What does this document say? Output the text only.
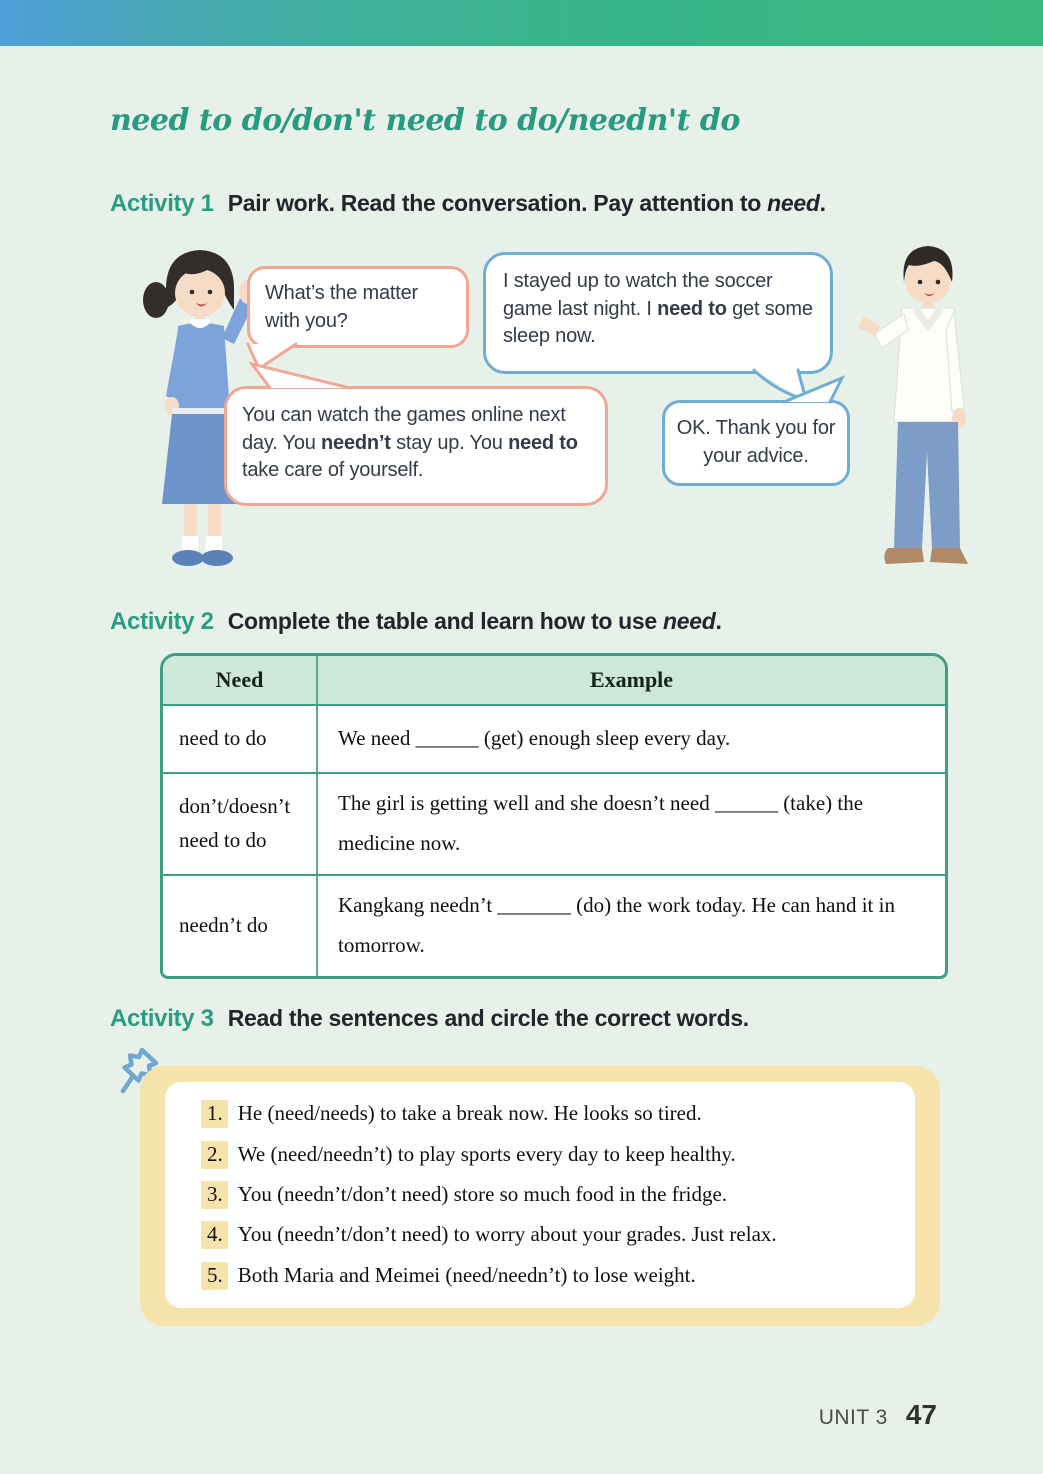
need to do/don't need to do/needn't do
Activity 1 Pair work. Read the conversation. Pay attention to need.

What’s the matter with you?

I stayed up to watch the soccer game last night. I need to get some sleep now.

You can watch the games online next day. You needn’t stay up. You need to take care of yourself.

OK. Thank you for your advice.

Activity 2 Complete the table and learn how to use need.
Need	Example
need to do	We need ______ (get) enough sleep every day.
don’t/doesn’t need to do
The girl is getting well and she doesn’t need ______ (take) the medicine now.
needn’t do
Kangkang needn’t _______ (do) the work today. He can hand it in tomorrow.
Activity 3 Read the sentences and circle the correct words.
1. He (need/needs) to take a break now. He looks so tired.
2. We (need/needn’t) to play sports every day to keep healthy.
3. You (needn’t/don’t need) store so much food in the fridge.
4. You (needn’t/don’t need) to worry about your grades. Just relax.
5. Both Maria and Meimei (need/needn’t) to lose weight.
UNIT 3 47
